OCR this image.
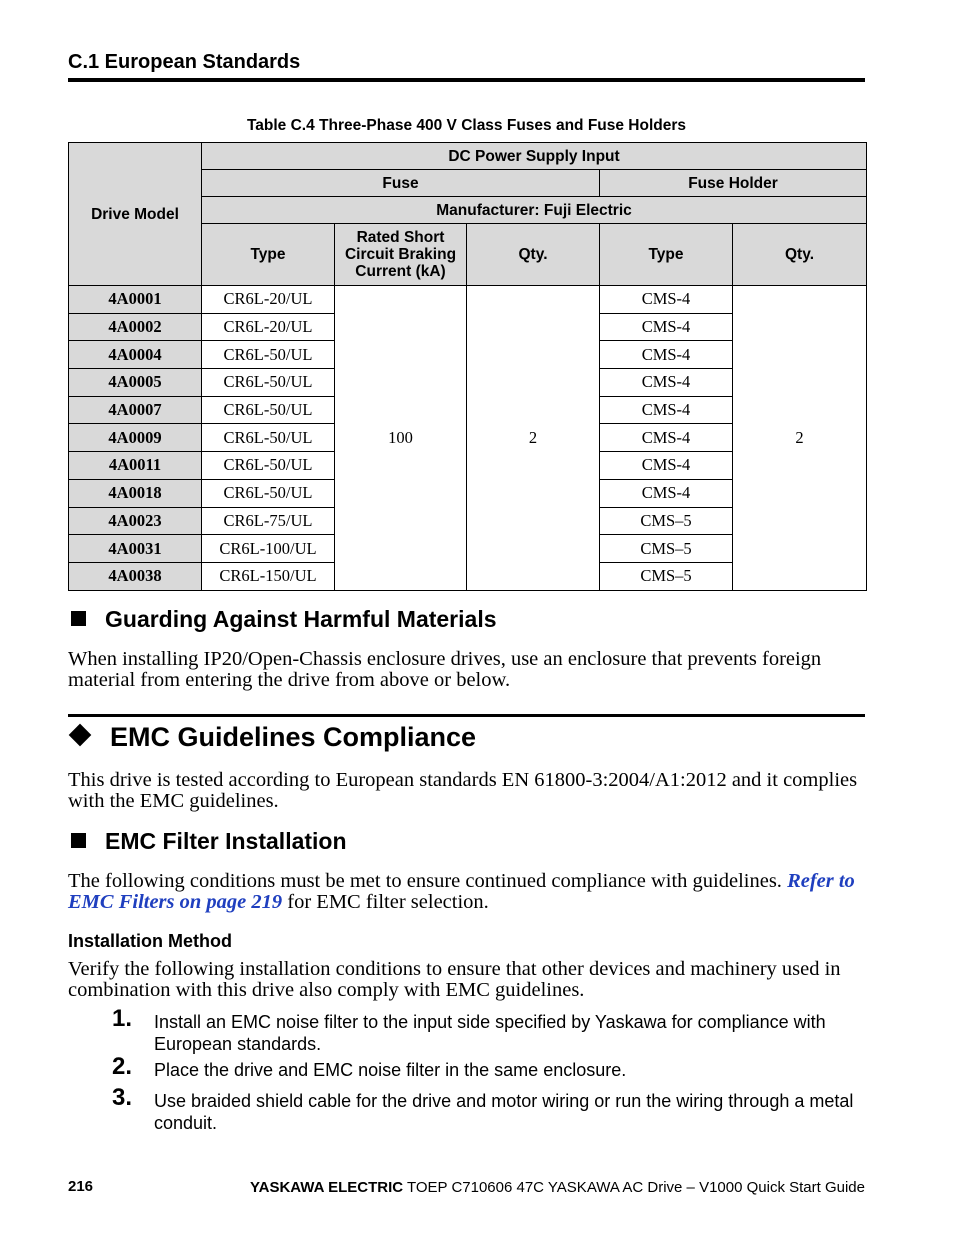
C.1 European Standards
Table C.4 Three-Phase 400 V Class Fuses and Fuse Holders
Drive Model	DC Power Supply Input				
	Fuse			Fuse Holder	
	Manufacturer: Fuji Electric				
	Type	Rated Short Circuit Braking Current (kA)	Qty.	Type	Qty.
4A0001	CR6L-20/UL	100	2	CMS-4	2
4A0002	CR6L-20/UL			CMS-4	
4A0004	CR6L-50/UL			CMS-4	
4A0005	CR6L-50/UL			CMS-4	
4A0007	CR6L-50/UL			CMS-4	
4A0009	CR6L-50/UL			CMS-4	
4A0011	CR6L-50/UL			CMS-4	
4A0018	CR6L-50/UL			CMS-4	
4A0023	CR6L-75/UL			CMS–5	
4A0031	CR6L-100/UL			CMS–5	
4A0038	CR6L-150/UL			CMS–5	
Guarding Against Harmful Materials
When installing IP20/Open-Chassis enclosure drives, use an enclosure that prevents foreign material from entering the drive from above or below.
EMC Guidelines Compliance
This drive is tested according to European standards EN 61800-3:2004/A1:2012 and it complies with the EMC guidelines.
EMC Filter Installation
The following conditions must be met to ensure continued compliance with guidelines. Refer to EMC Filters on page 219 for EMC filter selection.
Installation Method
Verify the following installation conditions to ensure that other devices and machinery used in combination with this drive also comply with EMC guidelines.
1. Install an EMC noise filter to the input side specified by Yaskawa for compliance with European standards.
2. Place the drive and EMC noise filter in the same enclosure.
3. Use braided shield cable for the drive and motor wiring or run the wiring through a metal conduit.
216	YASKAWA ELECTRIC TOEP C710606 47C YASKAWA AC Drive – V1000 Quick Start Guide
